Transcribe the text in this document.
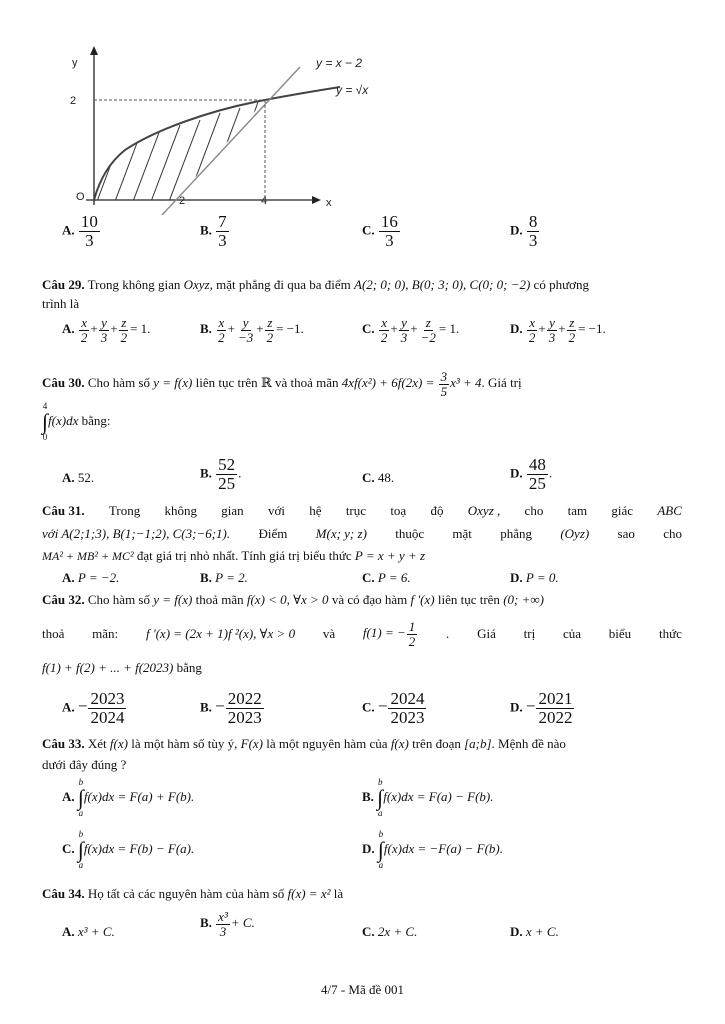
y
x
O	2	4
2
y = x − 2
y = √x
A. $\frac{10}{3}$	B. $\frac{7}{3}$	C. $\frac{16}{3}$	D. $\frac{8}{3}$
Câu 29. Trong không gian Oxyz, mặt phẳng đi qua ba điểm A(2; 0; 0), B(0; 3; 0), C(0; 0; −2) có phương
trình là
A. $\frac{x}{2} + \frac{y}{3} + \frac{z}{2} = 1$.	B. $\frac{x}{2} + \frac{y}{-3} + \frac{z}{2} = -1$.	C. $\frac{x}{2} + \frac{y}{3} + \frac{z}{-2} = 1$.	D. $\frac{x}{2} + \frac{y}{3} + \frac{z}{2} = -1$.
Câu 30. Cho hàm số y = f(x) liên tục trên ℝ và thoả mãn $4xf(x^2) + 6f(2x) = \frac{3}{5} x^3 + 4$. Giá trị
4
∫
0
f(x)dx bằng:
A. 52.	B. $\frac{52}{25}$ .	C. 48.	D. $\frac{48}{25}$ .
Câu 31. Trong không gian với hệ trục toạ độ Oxyz , cho tam giác ABC
với A(2;1;3), B(1;−1;2), C(3;−6;1). Điểm M(x; y; z) thuộc mặt phẳng (Oyz) sao cho
MA² + MB² + MC² đạt giá trị nhỏ nhất. Tính giá trị biểu thức P = x + y + z
A. P = −2.	B. P = 2.	C. P = 6.	D. P = 0.
Câu 32. Cho hàm số y = f(x) thoả mãn f(x) < 0, ∀x > 0 và có đạo hàm f '(x) liên tục trên (0; +∞)
thoả mãn: f '(x) = (2x + 1)f ²(x), ∀x > 0 và f(1) = − $\frac{1}{2}$ . Giá trị của biểu thức
f(1) + f(2) + ... + f(2023) bằng
A. − $\frac{2023}{2024}$	B. − $\frac{2022}{2023}$	C. − $\frac{2024}{2023}$	D. − $\frac{2021}{2022}$
Câu 33. Xét f(x) là một hàm số tùy ý, F(x) là một nguyên hàm của f(x) trên đoạn [a;b]. Mệnh đề nào
dưới đây đúng ?
A.
b
∫
a
f(x)dx = F(a) + F(b).	B.
b
∫
a
f(x)dx = F(a) − F(b).
C.
b
∫
a
f(x)dx = F(b) − F(a).	D.
b
∫
a
f(x)dx = −F(a) − F(b).
Câu 34. Họ tất cả các nguyên hàm của hàm số f(x) = x² là
A. x³ + C.
B. $\frac{\text{x³}}{3} + C$.
C. 2x + C.	D. x + C.
4/7 - Mã đề 001
